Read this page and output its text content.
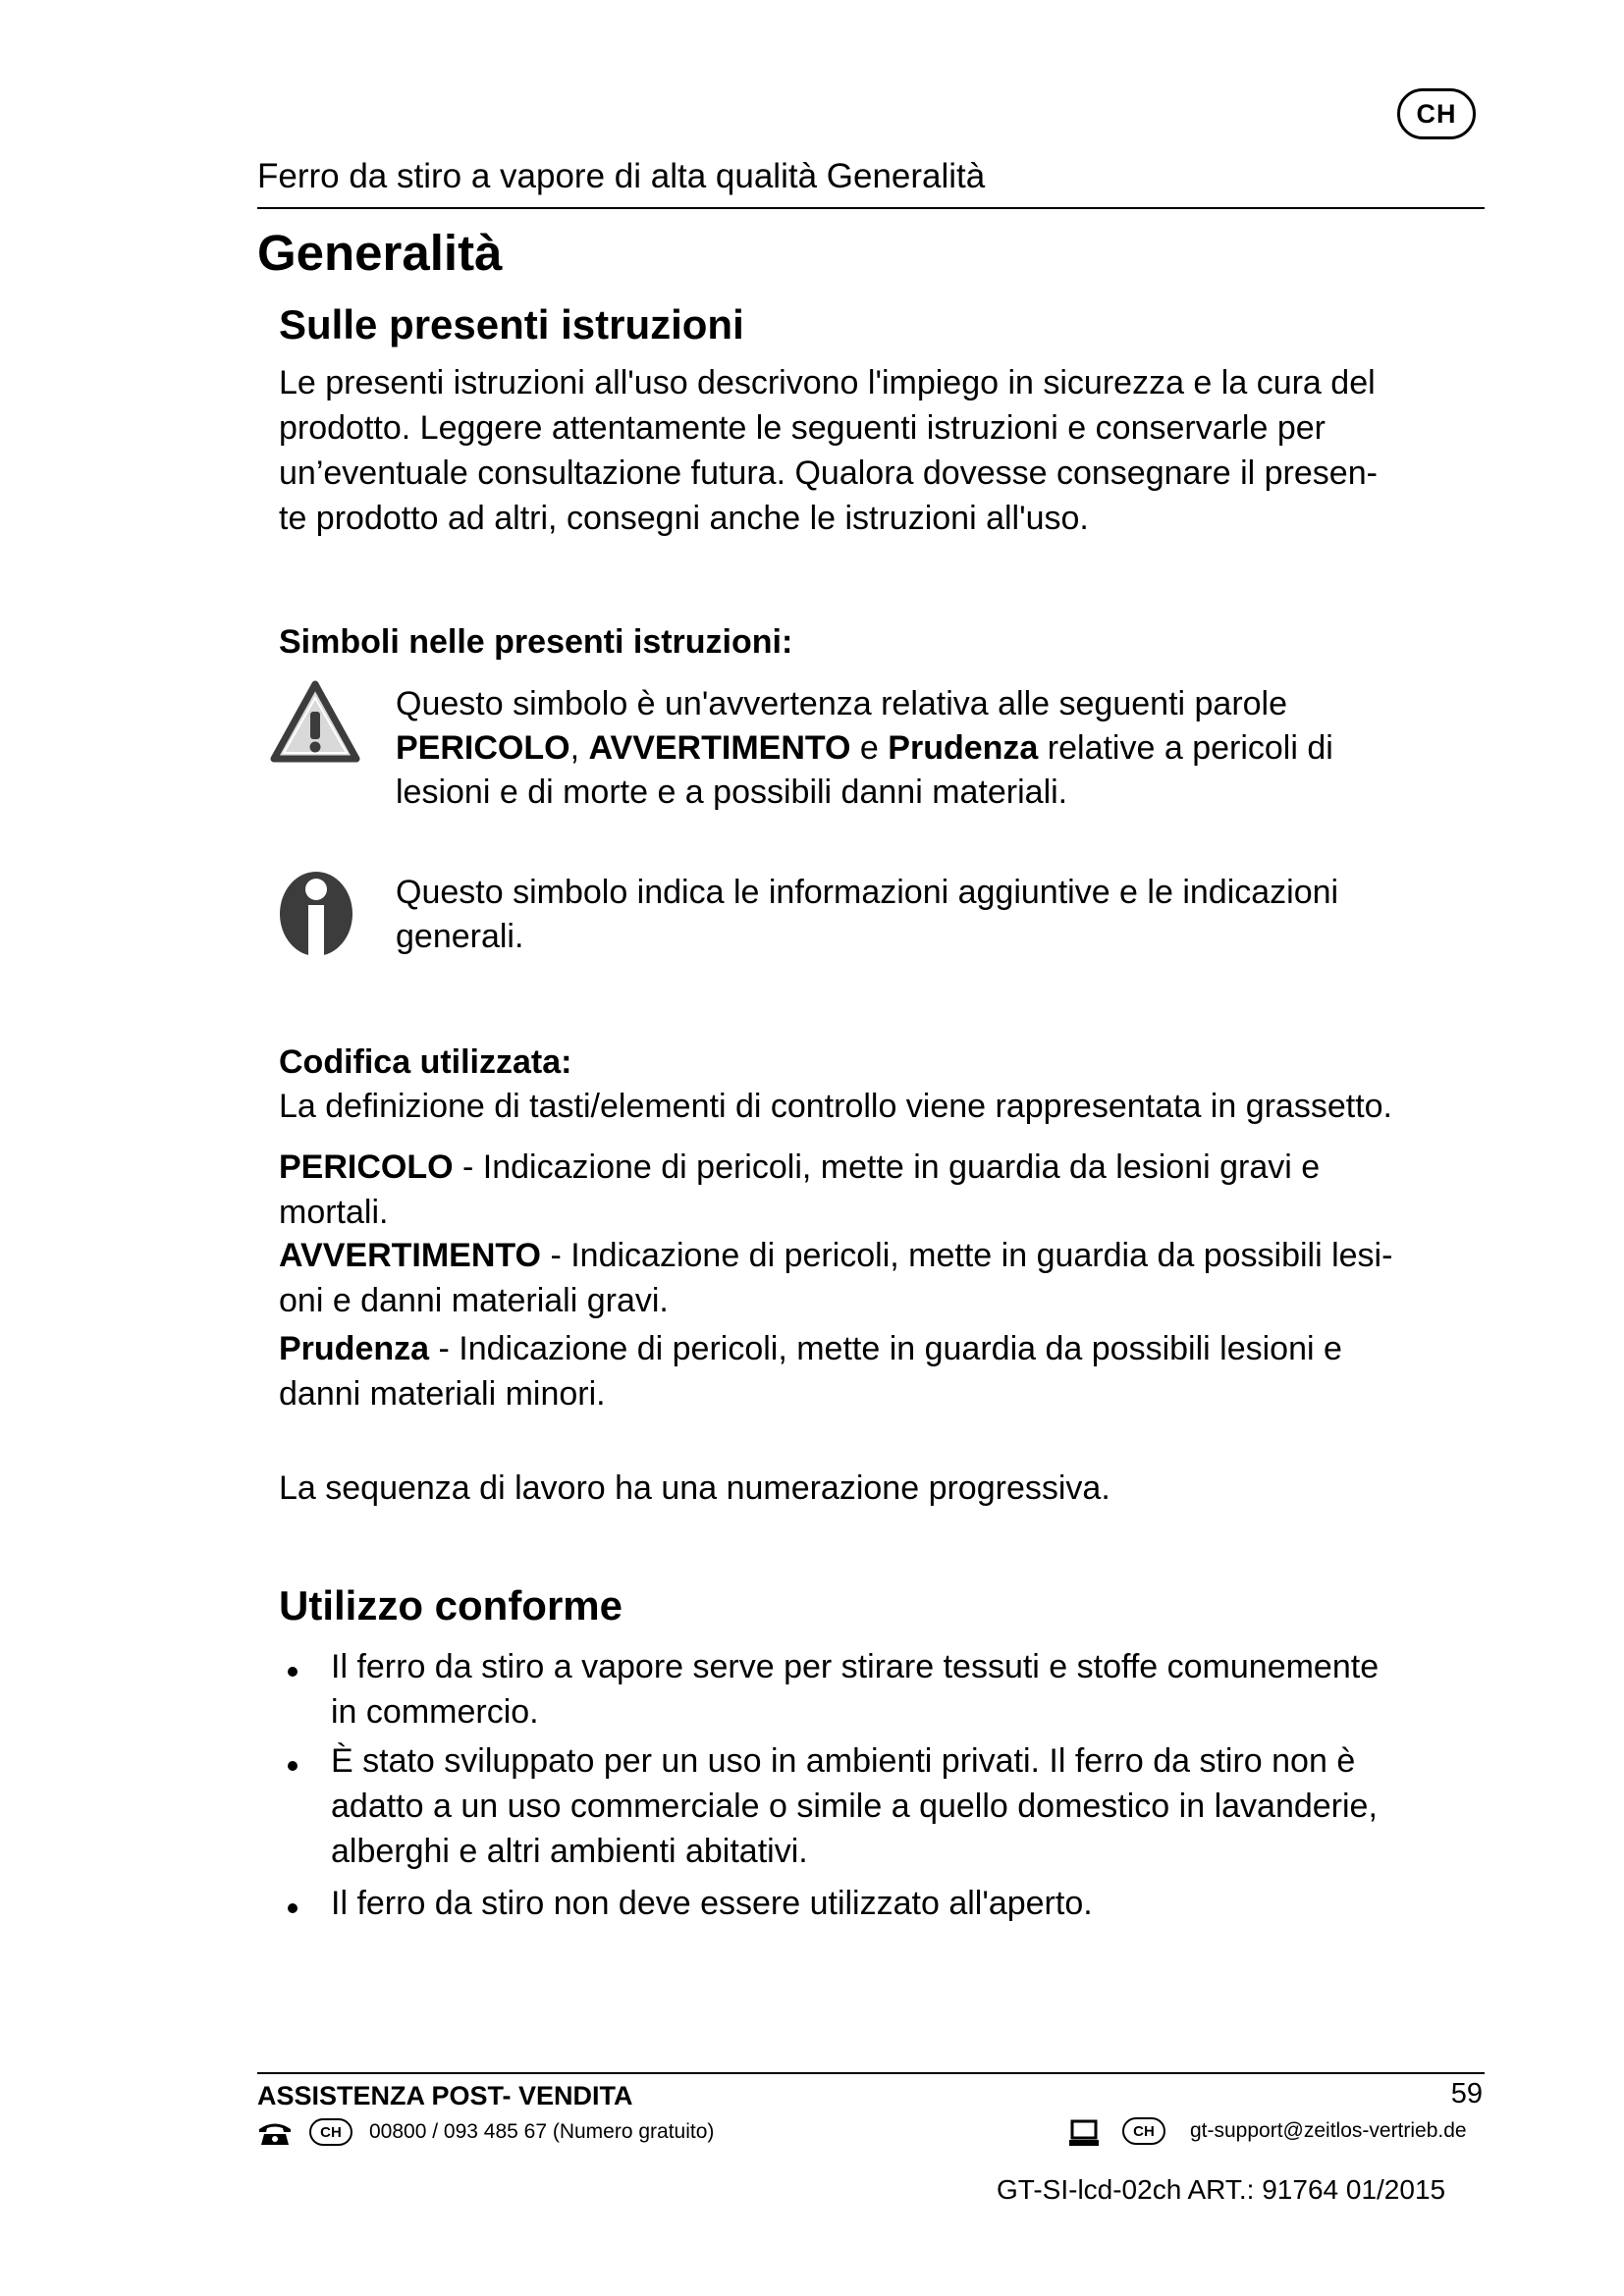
CH
Ferro da stiro a vapore di alta qualità Generalità
Generalità
Sulle presenti istruzioni
Le presenti istruzioni all'uso descrivono l'impiego in sicurezza e la cura del
prodotto. Leggere attentamente le seguenti istruzioni e conservarle per
un’eventuale consultazione futura. Qualora dovesse consegnare il presen-
te prodotto ad altri, consegni anche le istruzioni all'uso.
Simboli nelle presenti istruzioni:
Questo simbolo è un'avvertenza relativa alle seguenti parole
PERICOLO, AVVERTIMENTO e Prudenza relative a pericoli di
lesioni e di morte e a possibili danni materiali.
Questo simbolo indica le informazioni aggiuntive e le indicazioni
generali.
Codifica utilizzata:
La definizione di tasti/elementi di controllo viene rappresentata in grassetto.
PERICOLO - Indicazione di pericoli, mette in guardia da lesioni gravi e
mortali.
AVVERTIMENTO - Indicazione di pericoli, mette in guardia da possibili lesi-
oni e danni materiali gravi.
Prudenza - Indicazione di pericoli, mette in guardia da possibili lesioni e
danni materiali minori.
La sequenza di lavoro ha una numerazione progressiva.
Utilizzo conforme
Il ferro da stiro a vapore serve per stirare tessuti e stoffe comunemente
in commercio.
È stato sviluppato per un uso in ambienti privati. Il ferro da stiro non è
adatto a un uso commerciale o simile a quello domestico in lavanderie,
alberghi e altri ambienti abitativi.
Il ferro da stiro non deve essere utilizzato all'aperto.
ASSISTENZA POST- VENDITA	59
CH	00800 / 093 485 67 (Numero gratuito)	CH	gt-support@zeitlos-vertrieb.de
GT-SI-lcd-02ch ART.: 91764 01/2015
